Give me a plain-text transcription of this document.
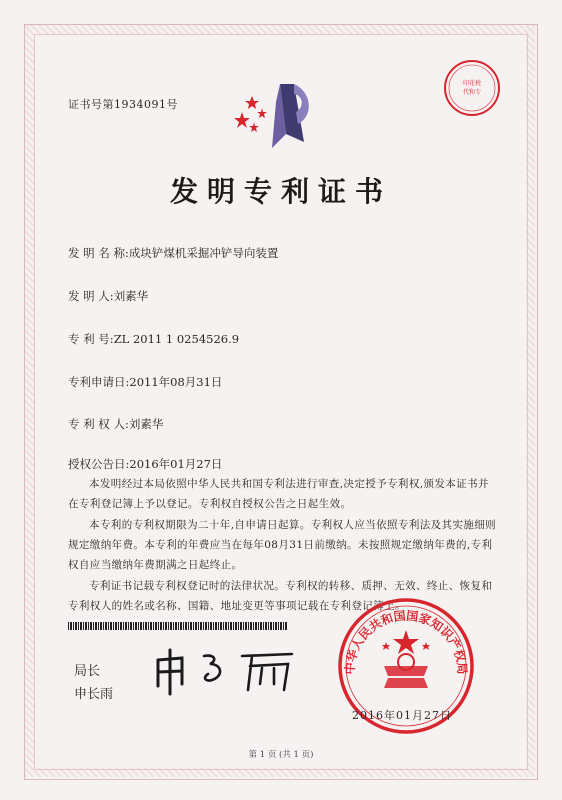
证书号第1934091号
印花税
代和专
发明专利证书
发 明 名 称:成块铲煤机采掘冲铲导向装置
发 明 人:刘素华
专 利 号:ZL 2011 1 0254526.9
专利申请日:2011年08月31日
专 利 权 人:刘素华
授权公告日:2016年01月27日
本发明经过本局依照中华人民共和国专利法进行审查,决定授予专利权,颁发本证书并在专利登记簿上予以登记。专利权自授权公告之日起生效。
本专利的专利权期限为二十年,自申请日起算。专利权人应当依照专利法及其实施细则规定缴纳年费。本专利的年费应当在每年08月31日前缴纳。未按照规定缴纳年费的,专利权自应当缴纳年费期满之日起终止。
专利证书记载专利权登记时的法律状况。专利权的转移、质押、无效、终止、恢复和专利权人的姓名或名称、国籍、地址变更等事项记载在专利登记簿上。
局长
申长雨
中华人民共和国国家知识产权局
2016年01月27日
第 1 页 (共 1 页)
